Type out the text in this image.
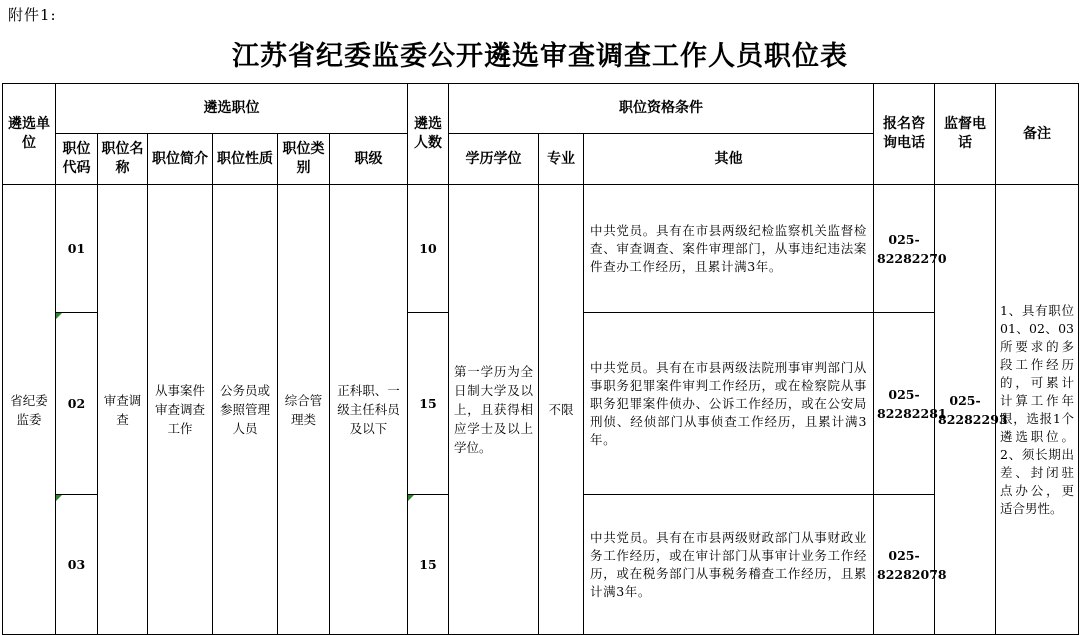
附件1:
江苏省纪委监委公开遴选审查调查工作人员职位表
遴选单位	遴选职位						遴选人数	职位资格条件			报名咨询电话	监督电话	备注
	职位代码	职位名称	职位简介	职位性质	职位类别	职级		学历学位	专业	其他			
省纪委监委	01	审查调查	从事案件审查调查工作	公务员或参照管理人员	综合管理类	正科职、一级主任科员及以下	10	第一学历为全日制大学及以上，且获得相应学士及以上学位。	不限	中共党员。具有在市县两级纪检监察机关监督检查、审查调查、案件审理部门，从事违纪违法案件查办工作经历，且累计满3年。	025-82282270	025-82282293	1、具有职位01、02、03所要求的多段工作经历的，可累计计算工作年限，选报1个遴选职位。2、须长期出差、封闭驻点办公，更适合男性。
	02						15			中共党员。具有在市县两级法院刑事审判部门从事职务犯罪案件审判工作经历，或在检察院从事职务犯罪案件侦办、公诉工作经历，或在公安局刑侦、经侦部门从事侦查工作经历，且累计满3年。	025-82282281		
	03						15			中共党员。具有在市县两级财政部门从事财政业务工作经历，或在审计部门从事审计业务工作经历，或在税务部门从事税务稽查工作经历，且累计满3年。	025-82282078		
